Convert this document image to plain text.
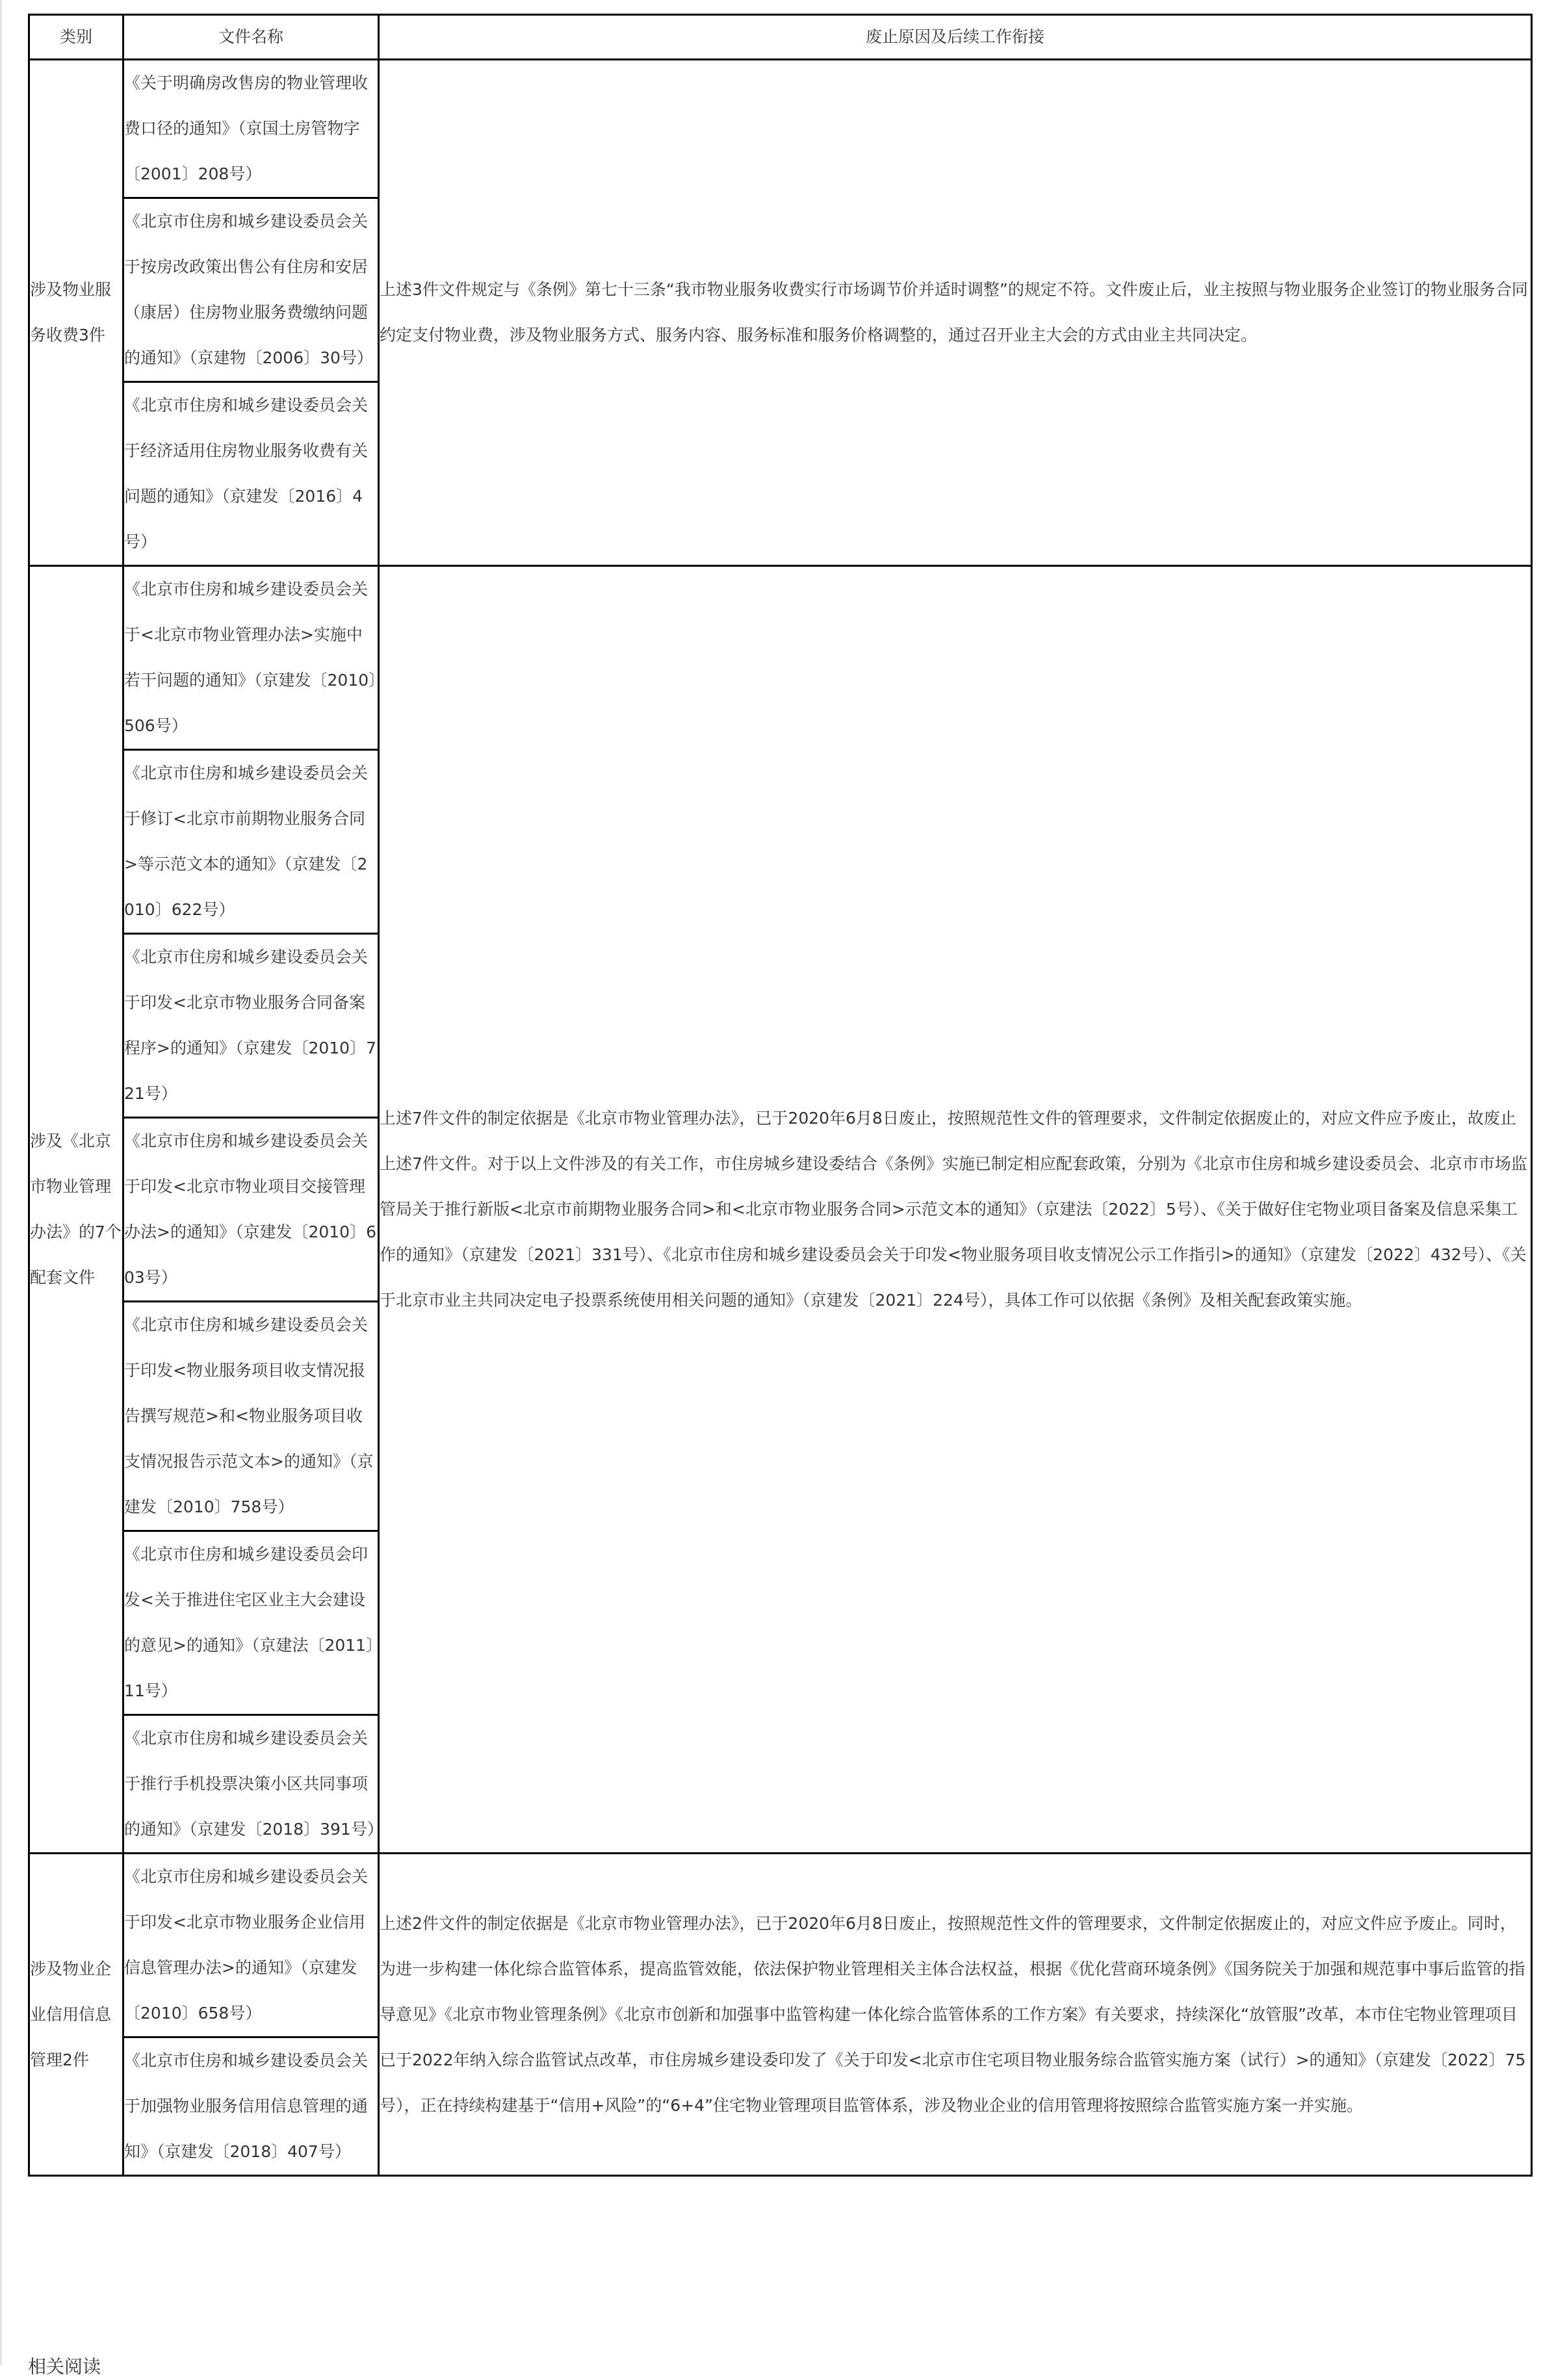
类别	文件名称	废止原因及后续工作衔接
涉及物业服务收费3件	《关于明确房改售房的物业管理收费口径的通知》（京国土房管物字〔2001〕208号）	上述3件文件规定与《条例》第七十三条“我市物业服务收费实行市场调节价并适时调整”的规定不符。文件废止后，业主按照与物业服务企业签订的物业服务合同约定支付物业费，涉及物业服务方式、服务内容、服务标准和服务价格调整的，通过召开业主大会的方式由业主共同决定。
	《北京市住房和城乡建设委员会关于按房改政策出售公有住房和安居（康居）住房物业服务费缴纳问题的通知》（京建物〔2006〕30号）	
	《北京市住房和城乡建设委员会关于经济适用住房物业服务收费有关问题的通知》（京建发〔2016〕4号）	
涉及《北京市物业管理办法》的7个配套文件	《北京市住房和城乡建设委员会关于<北京市物业管理办法>实施中若干问题的通知》（京建发〔2010〕506号）	上述7件文件的制定依据是《北京市物业管理办法》，已于2020年6月8日废止，按照规范性文件的管理要求，文件制定依据废止的，对应文件应予废止，故废止上述7件文件。对于以上文件涉及的有关工作，市住房城乡建设委结合《条例》实施已制定相应配套政策，分别为《北京市住房和城乡建设委员会、北京市市场监管局关于推行新版<北京市前期物业服务合同>和<北京市物业服务合同>示范文本的通知》（京建法〔2022〕5号）、《关于做好住宅物业项目备案及信息采集工作的通知》（京建发〔2021〕331号）、《北京市住房和城乡建设委员会关于印发<物业服务项目收支情况公示工作指引>的通知》（京建发〔2022〕432号）、《关于北京市业主共同决定电子投票系统使用相关问题的通知》（京建发〔2021〕224号），具体工作可以依据《条例》及相关配套政策实施。
	《北京市住房和城乡建设委员会关于修订<北京市前期物业服务合同>等示范文本的通知》（京建发〔2010〕622号）	
	《北京市住房和城乡建设委员会关于印发<北京市物业服务合同备案程序>的通知》（京建发〔2010〕721号）	
	《北京市住房和城乡建设委员会关于印发<北京市物业项目交接管理办法>的通知》（京建发〔2010〕603号）	
	《北京市住房和城乡建设委员会关于印发<物业服务项目收支情况报告撰写规范>和<物业服务项目收支情况报告示范文本>的通知》（京建发〔2010〕758号）	
	《北京市住房和城乡建设委员会印发<关于推进住宅区业主大会建设的意见>的通知》（京建法〔2011〕11号）	
	《北京市住房和城乡建设委员会关于推行手机投票决策小区共同事项的通知》（京建发〔2018〕391号）	
涉及物业企业信用信息管理2件	《北京市住房和城乡建设委员会关于印发<北京市物业服务企业信用信息管理办法>的通知》（京建发〔2010〕658号）	上述2件文件的制定依据是《北京市物业管理办法》，已于2020年6月8日废止，按照规范性文件的管理要求，文件制定依据废止的，对应文件应予废止。同时，为进一步构建一体化综合监管体系，提高监管效能，依法保护物业管理相关主体合法权益，根据《优化营商环境条例》《国务院关于加强和规范事中事后监管的指导意见》《北京市物业管理条例》《北京市创新和加强事中监管构建一体化综合监管体系的工作方案》有关要求，持续深化“放管服”改革，本市住宅物业管理项目已于2022年纳入综合监管试点改革，市住房城乡建设委印发了《关于印发<北京市住宅项目物业服务综合监管实施方案（试行）>的通知》（京建发〔2022〕75号），正在持续构建基于“信用+风险”的“6+4”住宅物业管理项目监管体系，涉及物业企业的信用管理将按照综合监管实施方案一并实施。
	《北京市住房和城乡建设委员会关于加强物业服务信用信息管理的通知》（京建发〔2018〕407号）	
相关阅读
